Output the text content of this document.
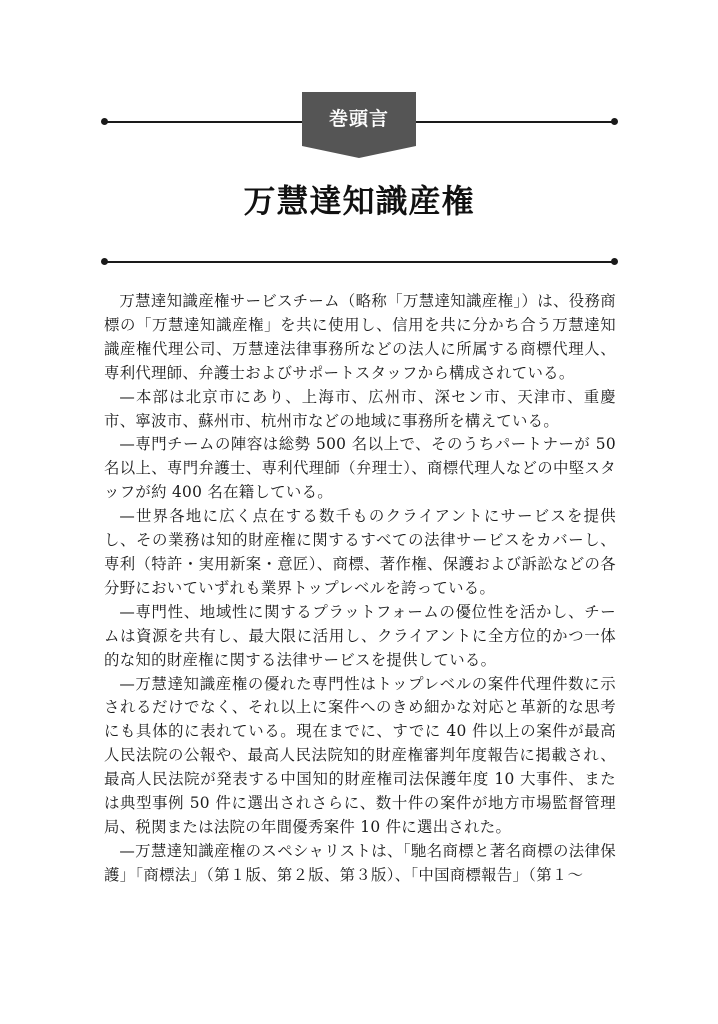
巻頭言
万慧達知識産権

万慧達知識産権サービスチーム（略称「万慧達知識産権」）は、役務商標の「万慧達知識産権」を共に使用し、信用を共に分かち合う万慧達知識産権代理公司、万慧達法律事務所などの法人に所属する商標代理人、専利代理師、弁護士およびサポートスタッフから構成されている。

—本部は北京市にあり、上海市、広州市、深セン市、天津市、重慶市、寧波市、蘇州市、杭州市などの地域に事務所を構えている。

—専門チームの陣容は総勢 500 名以上で、そのうちパートナーが 50 名以上、専門弁護士、専利代理師（弁理士）、商標代理人などの中堅スタッフが約 400 名在籍している。

—世界各地に広く点在する数千ものクライアントにサービスを提供し、その業務は知的財産権に関するすべての法律サービスをカバーし、専利（特許・実用新案・意匠）、商標、著作権、保護および訴訟などの各分野においていずれも業界トップレベルを誇っている。

—専門性、地域性に関するプラットフォームの優位性を活かし、チームは資源を共有し、最大限に活用し、クライアントに全方位的かつ一体的な知的財産権に関する法律サービスを提供している。

—万慧達知識産権の優れた専門性はトップレベルの案件代理件数に示されるだけでなく、それ以上に案件へのきめ細かな対応と革新的な思考にも具体的に表れている。現在までに、すでに 40 件以上の案件が最高人民法院の公報や、最高人民法院知的財産権審判年度報告に掲載され、最高人民法院が発表する中国知的財産権司法保護年度 10 大事件、または典型事例 50 件に選出されさらに、数十件の案件が地方市場監督管理局、税関または法院の年間優秀案件 10 件に選出された。

—万慧達知識産権のスペシャリストは、「馳名商標と著名商標の法律保護」「商標法」（第１版、第２版、第３版）、「中国商標報告」（第１〜
